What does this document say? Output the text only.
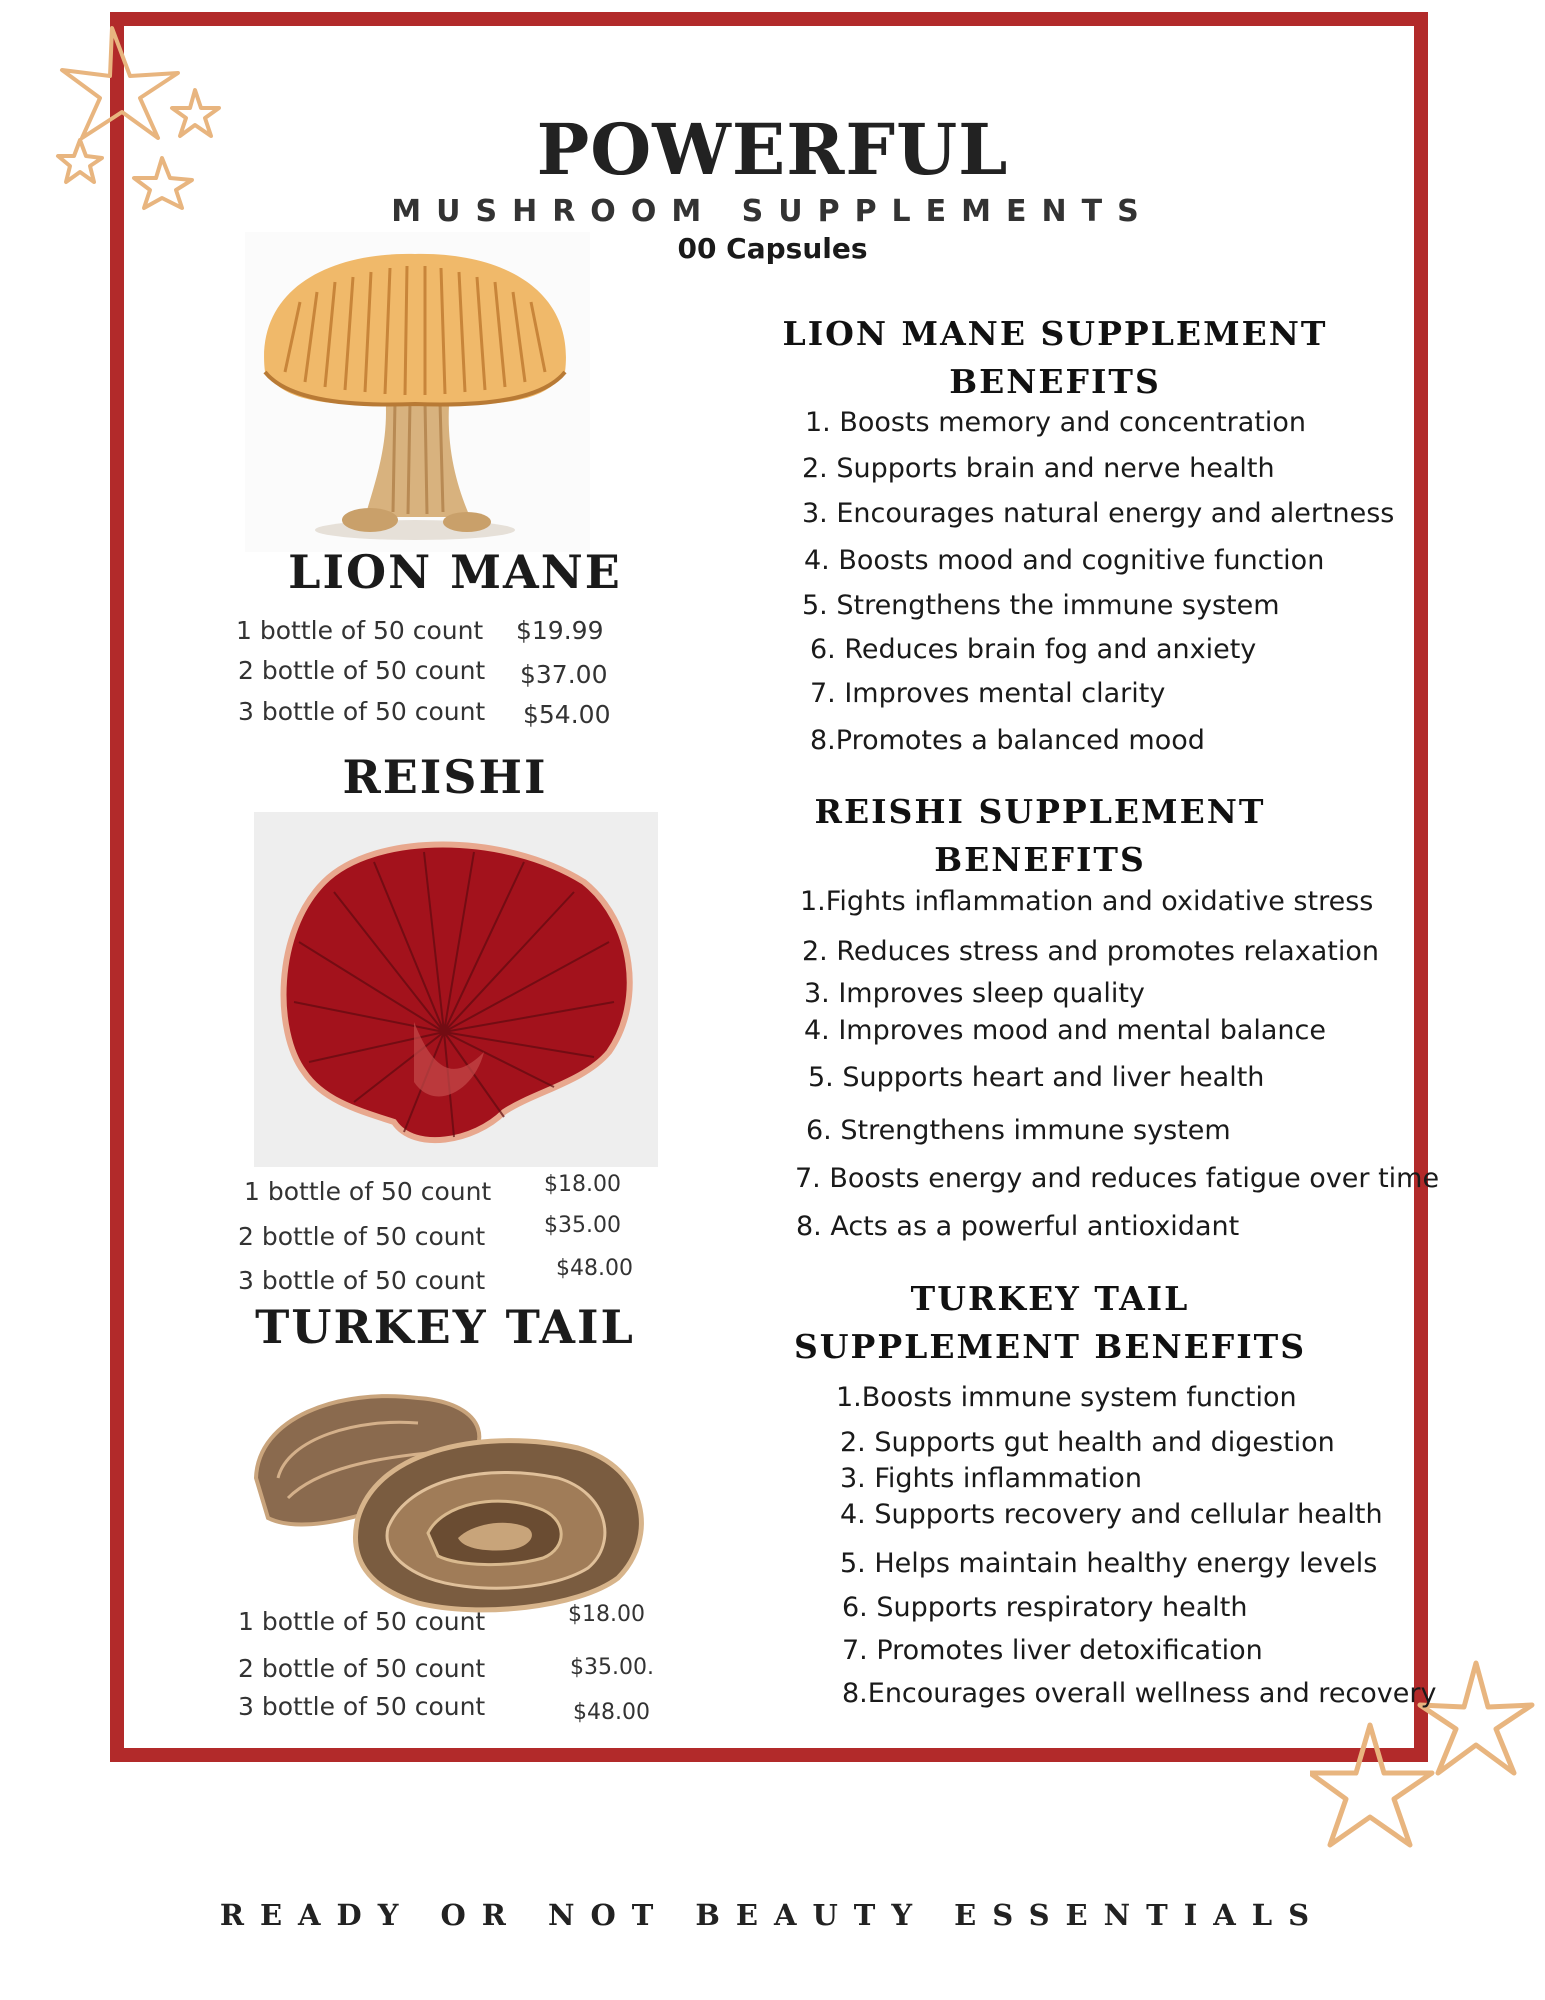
POWERFUL
MUSHROOM SUPPLEMENTS
00 Capsules
LION MANE
1 bottle of 50 count $19.99
2 bottle of 50 count $37.00
3 bottle of 50 count $54.00
REISHI
1 bottle of 50 count $18.00
2 bottle of 50 count	$35.00
3 bottle of 50 count	$48.00
TURKEY TAIL
1 bottle of 50 count	$18.00
2 bottle of 50 count	$35.00.
3 bottle of 50 count	$48.00
LION MANE SUPPLEMENT
BENEFITS
1. Boosts memory and concentration
2. Supports brain and nerve health
3. Encourages natural energy and alertness
4. Boosts mood and cognitive function
5. Strengthens the immune system
6. Reduces brain fog and anxiety
7. Improves mental clarity
8.Promotes a balanced mood
REISHI SUPPLEMENT
BENEFITS
1.Fights inflammation and oxidative stress
2. Reduces stress and promotes relaxation
3. Improves sleep quality
4. Improves mood and mental balance
5. Supports heart and liver health
6. Strengthens immune system
7. Boosts energy and reduces fatigue over time
8. Acts as a powerful antioxidant
TURKEY TAIL
SUPPLEMENT BENEFITS
1.Boosts immune system function
2. Supports gut health and digestion
3. Fights inflammation
4. Supports recovery and cellular health
5. Helps maintain healthy energy levels
6. Supports respiratory health
7. Promotes liver detoxification
8.Encourages overall wellness and recovery
READY OR NOT BEAUTY ESSENTIALS
